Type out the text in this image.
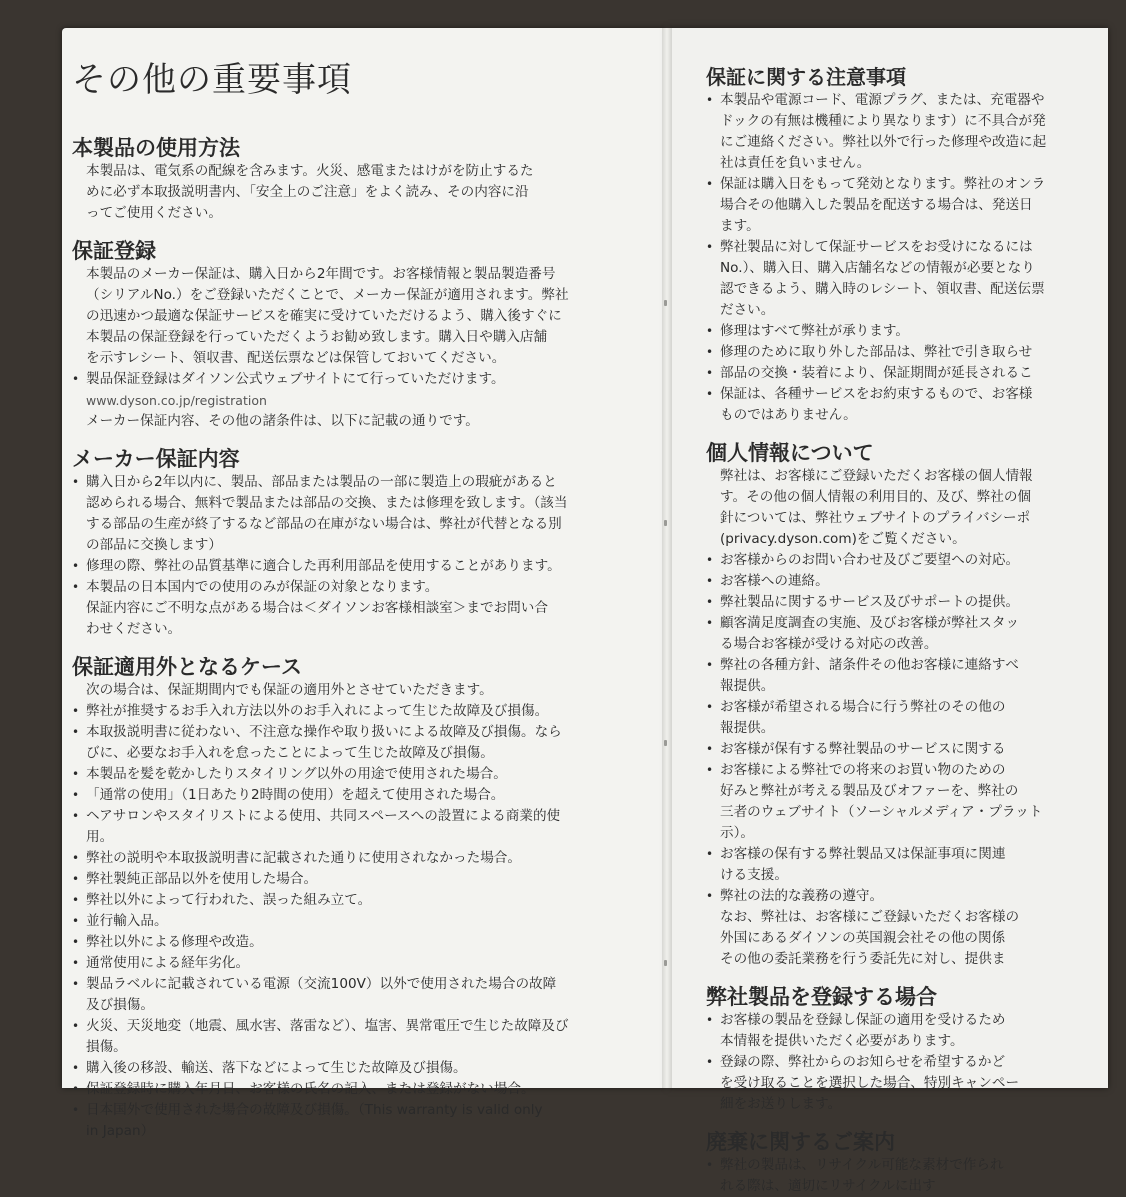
その他の重要事項
本製品の使用方法
本製品は、電気系の配線を含みます。火災、感電またはけがを防止するた
めに必ず本取扱説明書内、「安全上のご注意」をよく読み、その内容に沿
ってご使用ください。
保証登録
本製品のメーカー保証は、購入日から2年間です。お客様情報と製品製造番号
（シリアルNo.）をご登録いただくことで、メーカー保証が適用されます。弊社
の迅速かつ最適な保証サービスを確実に受けていただけるよう、購入後すぐに
本製品の保証登録を行っていただくようお勧め致します。購入日や購入店舗
を示すレシート、領収書、配送伝票などは保管しておいてください。
• 製品保証登録はダイソン公式ウェブサイトにて行っていただけます。
www.dyson.co.jp/registration
メーカー保証内容、その他の諸条件は、以下に記載の通りです。
メーカー保証内容
• 購入日から2年以内に、製品、部品または製品の一部に製造上の瑕疵があると
認められる場合、無料で製品または部品の交換、または修理を致します。（該当
する部品の生産が終了するなど部品の在庫がない場合は、弊社が代替となる別
の部品に交換します）
• 修理の際、弊社の品質基準に適合した再利用部品を使用することがあります。
• 本製品の日本国内での使用のみが保証の対象となります。
保証内容にご不明な点がある場合は＜ダイソンお客様相談室＞までお問い合
わせください。
保証適用外となるケース
次の場合は、保証期間内でも保証の適用外とさせていただきます。
• 弊社が推奨するお手入れ方法以外のお手入れによって生じた故障及び損傷。
• 本取扱説明書に従わない、不注意な操作や取り扱いによる故障及び損傷。なら
びに、必要なお手入れを怠ったことによって生じた故障及び損傷。
• 本製品を髪を乾かしたりスタイリング以外の用途で使用された場合。
• 「通常の使用」（1日あたり2時間の使用）を超えて使用された場合。
• ヘアサロンやスタイリストによる使用、共同スペースへの設置による商業的使
用。
• 弊社の説明や本取扱説明書に記載された通りに使用されなかった場合。
• 弊社製純正部品以外を使用した場合。
• 弊社以外によって行われた、誤った組み立て。
• 並行輸入品。
• 弊社以外による修理や改造。
• 通常使用による経年劣化。
• 製品ラベルに記載されている電源（交流100V）以外で使用された場合の故障
及び損傷。
• 火災、天災地変（地震、風水害、落雷など）、塩害、異常電圧で生じた故障及び
損傷。
• 購入後の移設、輸送、落下などによって生じた故障及び損傷。
• 保証登録時に購入年月日、お客様の氏名の記入、または登録がない場合。
• 日本国外で使用された場合の故障及び損傷。（This warranty is valid only
in Japan）
保証に関する注意事項
• 本製品や電源コード、電源プラグ、または、充電器や
ドックの有無は機種により異なります）に不具合が発
にご連絡ください。弊社以外で行った修理や改造に起
社は責任を負いません。
• 保証は購入日をもって発効となります。弊社のオンラ
場合その他購入した製品を配送する場合は、発送日
ます。
• 弊社製品に対して保証サービスをお受けになるには
No.）、購入日、購入店舗名などの情報が必要となり
認できるよう、購入時のレシート、領収書、配送伝票
ださい。
• 修理はすべて弊社が承ります。
• 修理のために取り外した部品は、弊社で引き取らせ
• 部品の交換・装着により、保証期間が延長されるこ
• 保証は、各種サービスをお約束するもので、お客様
ものではありません。
個人情報について
弊社は、お客様にご登録いただくお客様の個人情報
す。その他の個人情報の利用目的、及び、弊社の個
針については、弊社ウェブサイトのプライバシーポ
(privacy.dyson.com)をご覧ください。
• お客様からのお問い合わせ及びご要望への対応。
• お客様への連絡。
• 弊社製品に関するサービス及びサポートの提供。
• 顧客満足度調査の実施、及びお客様が弊社スタッ
る場合お客様が受ける対応の改善。
• 弊社の各種方針、諸条件その他お客様に連絡すべ
報提供。
• お客様が希望される場合に行う弊社のその他の
報提供。
• お客様が保有する弊社製品のサービスに関する
• お客様による弊社での将来のお買い物のための
好みと弊社が考える製品及びオファーを、弊社の
三者のウェブサイト（ソーシャルメディア・プラット
示）。
• お客様の保有する弊社製品又は保証事項に関連
ける支援。
• 弊社の法的な義務の遵守。
なお、弊社は、お客様にご登録いただくお客様の
外国にあるダイソンの英国親会社その他の関係
その他の委託業務を行う委託先に対し、提供ま
弊社製品を登録する場合
• お客様の製品を登録し保証の適用を受けるため
本情報を提供いただく必要があります。
• 登録の際、弊社からのお知らせを希望するかど
を受け取ることを選択した場合、特別キャンペー
細をお送りします。
廃棄に関するご案内
• 弊社の製品は、リサイクル可能な素材で作られ
れる際は、適切にリサイクルに出す
